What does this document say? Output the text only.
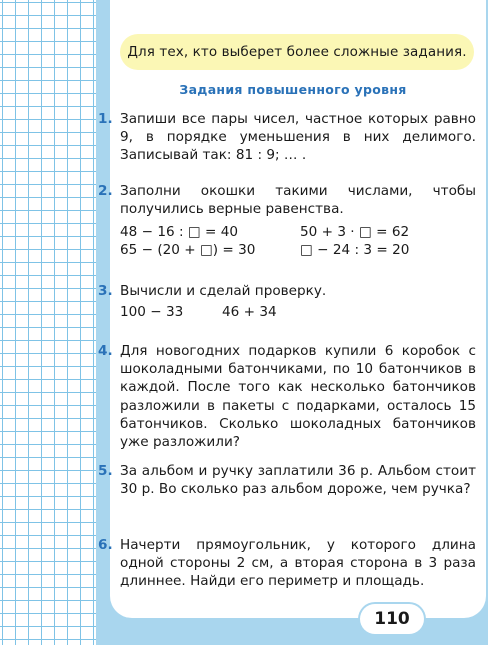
Для тех, кто выберет более сложные задания.
Задания повышенного уровня
110
1. Запиши все пары чисел, частное которых равно 9, в порядке уменьшения в них делимого. Записывай так: 81 : 9; … .
2. Заполни окошки такими числами, чтобы получились верные равенства.
48 − 16 : □ = 40
65 − (20 + □) = 30
50 + 3 · □ = 62
□ − 24 : 3 = 20
3. Вычисли и сделай проверку.
100 − 33	46 + 34
4. Для новогодних подарков купили 6 коробок с шоколадными батончиками, по 10 батончиков в каждой. После того как несколько батончиков разложили в пакеты с подарками, осталось 15 батончиков. Сколько шоколадных батончиков уже разложили?
5. За альбом и ручку заплатили 36 р. Альбом стоит 30 р. Во сколько раз альбом дороже, чем ручка?
6. Начерти прямоугольник, у которого длина одной стороны 2 см, а вторая сторона в 3 раза длиннее. Найди его периметр и площадь.
